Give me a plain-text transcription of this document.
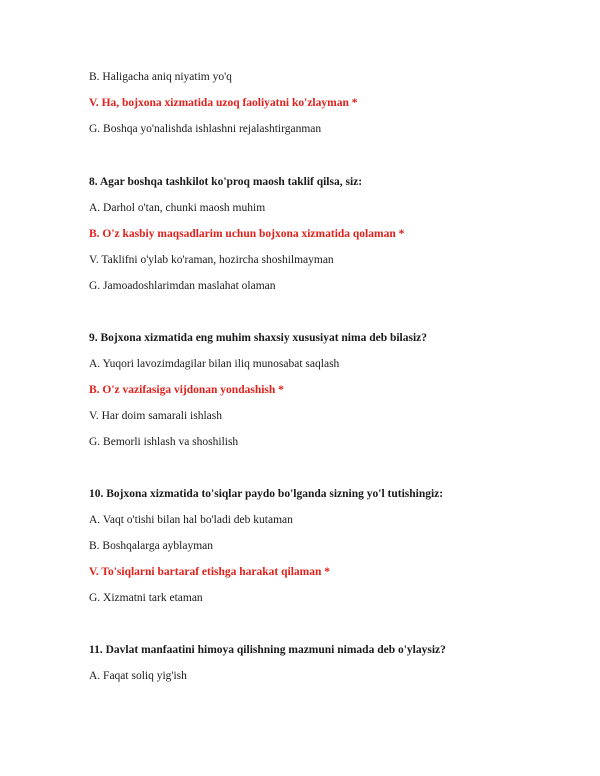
B. Haligacha aniq niyatim yo'q
V. Ha, bojxona xizmatida uzoq faoliyatni ko'zlayman *
G. Boshqa yo'nalishda ishlashni rejalashtirganman
8. Agar boshqa tashkilot ko'proq maosh taklif qilsa, siz:
A. Darhol o'tan, chunki maosh muhim
B. O'z kasbiy maqsadlarim uchun bojxona xizmatida qolaman *
V. Taklifni o'ylab ko'raman, hozircha shoshilmayman
G. Jamoadoshlarimdan maslahat olaman
9. Bojxona xizmatida eng muhim shaxsiy xususiyat nima deb bilasiz?
A. Yuqori lavozimdagilar bilan iliq munosabat saqlash
B. O'z vazifasiga vijdonan yondashish *
V. Har doim samarali ishlash
G. Bemorli ishlash va shoshilish
10. Bojxona xizmatida to'siqlar paydo bo'lganda sizning yo'l tutishingiz:
A. Vaqt o'tishi bilan hal bo'ladi deb kutaman
B. Boshqalarga ayblayman
V. To'siqlarni bartaraf etishga harakat qilaman *
G. Xizmatni tark etaman
11. Davlat manfaatini himoya qilishning mazmuni nimada deb o'ylaysiz?
A. Faqat soliq yig'ish
